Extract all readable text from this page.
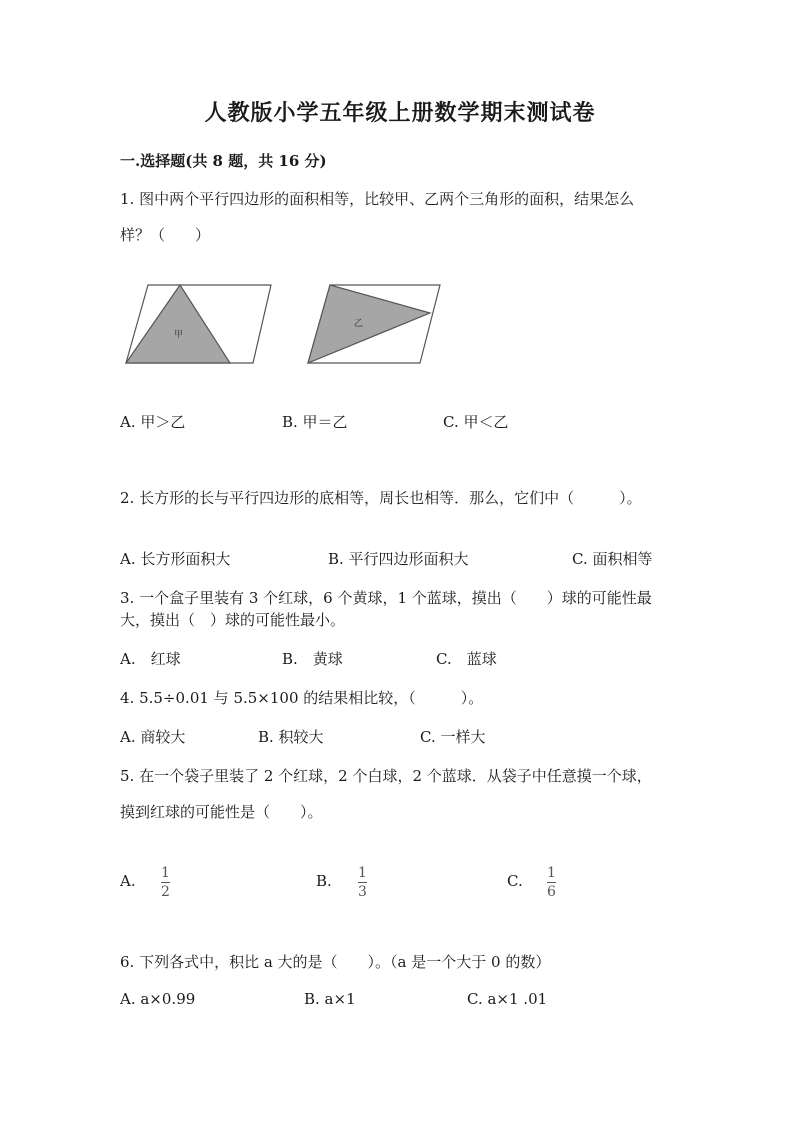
人教版小学五年级上册数学期末测试卷
一.选择题(共 8 题，共 16 分)
1. 图中两个平行四边形的面积相等，比较甲、乙两个三角形的面积，结果怎么
样？（　　）
甲
乙
A. 甲＞乙	B. 甲＝乙	C. 甲＜乙
2. 长方形的长与平行四边形的底相等，周长也相等．那么，它们中（　　　）。
A. 长方形面积大	B. 平行四边形面积大	C. 面积相等
3. 一个盒子里装有 3 个红球，6 个黄球，1 个蓝球，摸出（　　）球的可能性最
大，摸出（　）球的可能性最小。
A.　红球	B.　黄球	C.　蓝球
4. 5.5÷0.01 与 5.5×100 的结果相比较，（　　　）。
A. 商较大	B. 积较大	C. 一样大
5. 在一个袋子里装了 2 个红球，2 个白球，2 个蓝球．从袋子中任意摸一个球，
摸到红球的可能性是（　　）。
A. 1
2
B. 1
3
C. 1
6
6. 下列各式中，积比 a 大的是（　　）。（a 是一个大于 0 的数）
A. a×0.99	B. a×1	C. a×1 .01
